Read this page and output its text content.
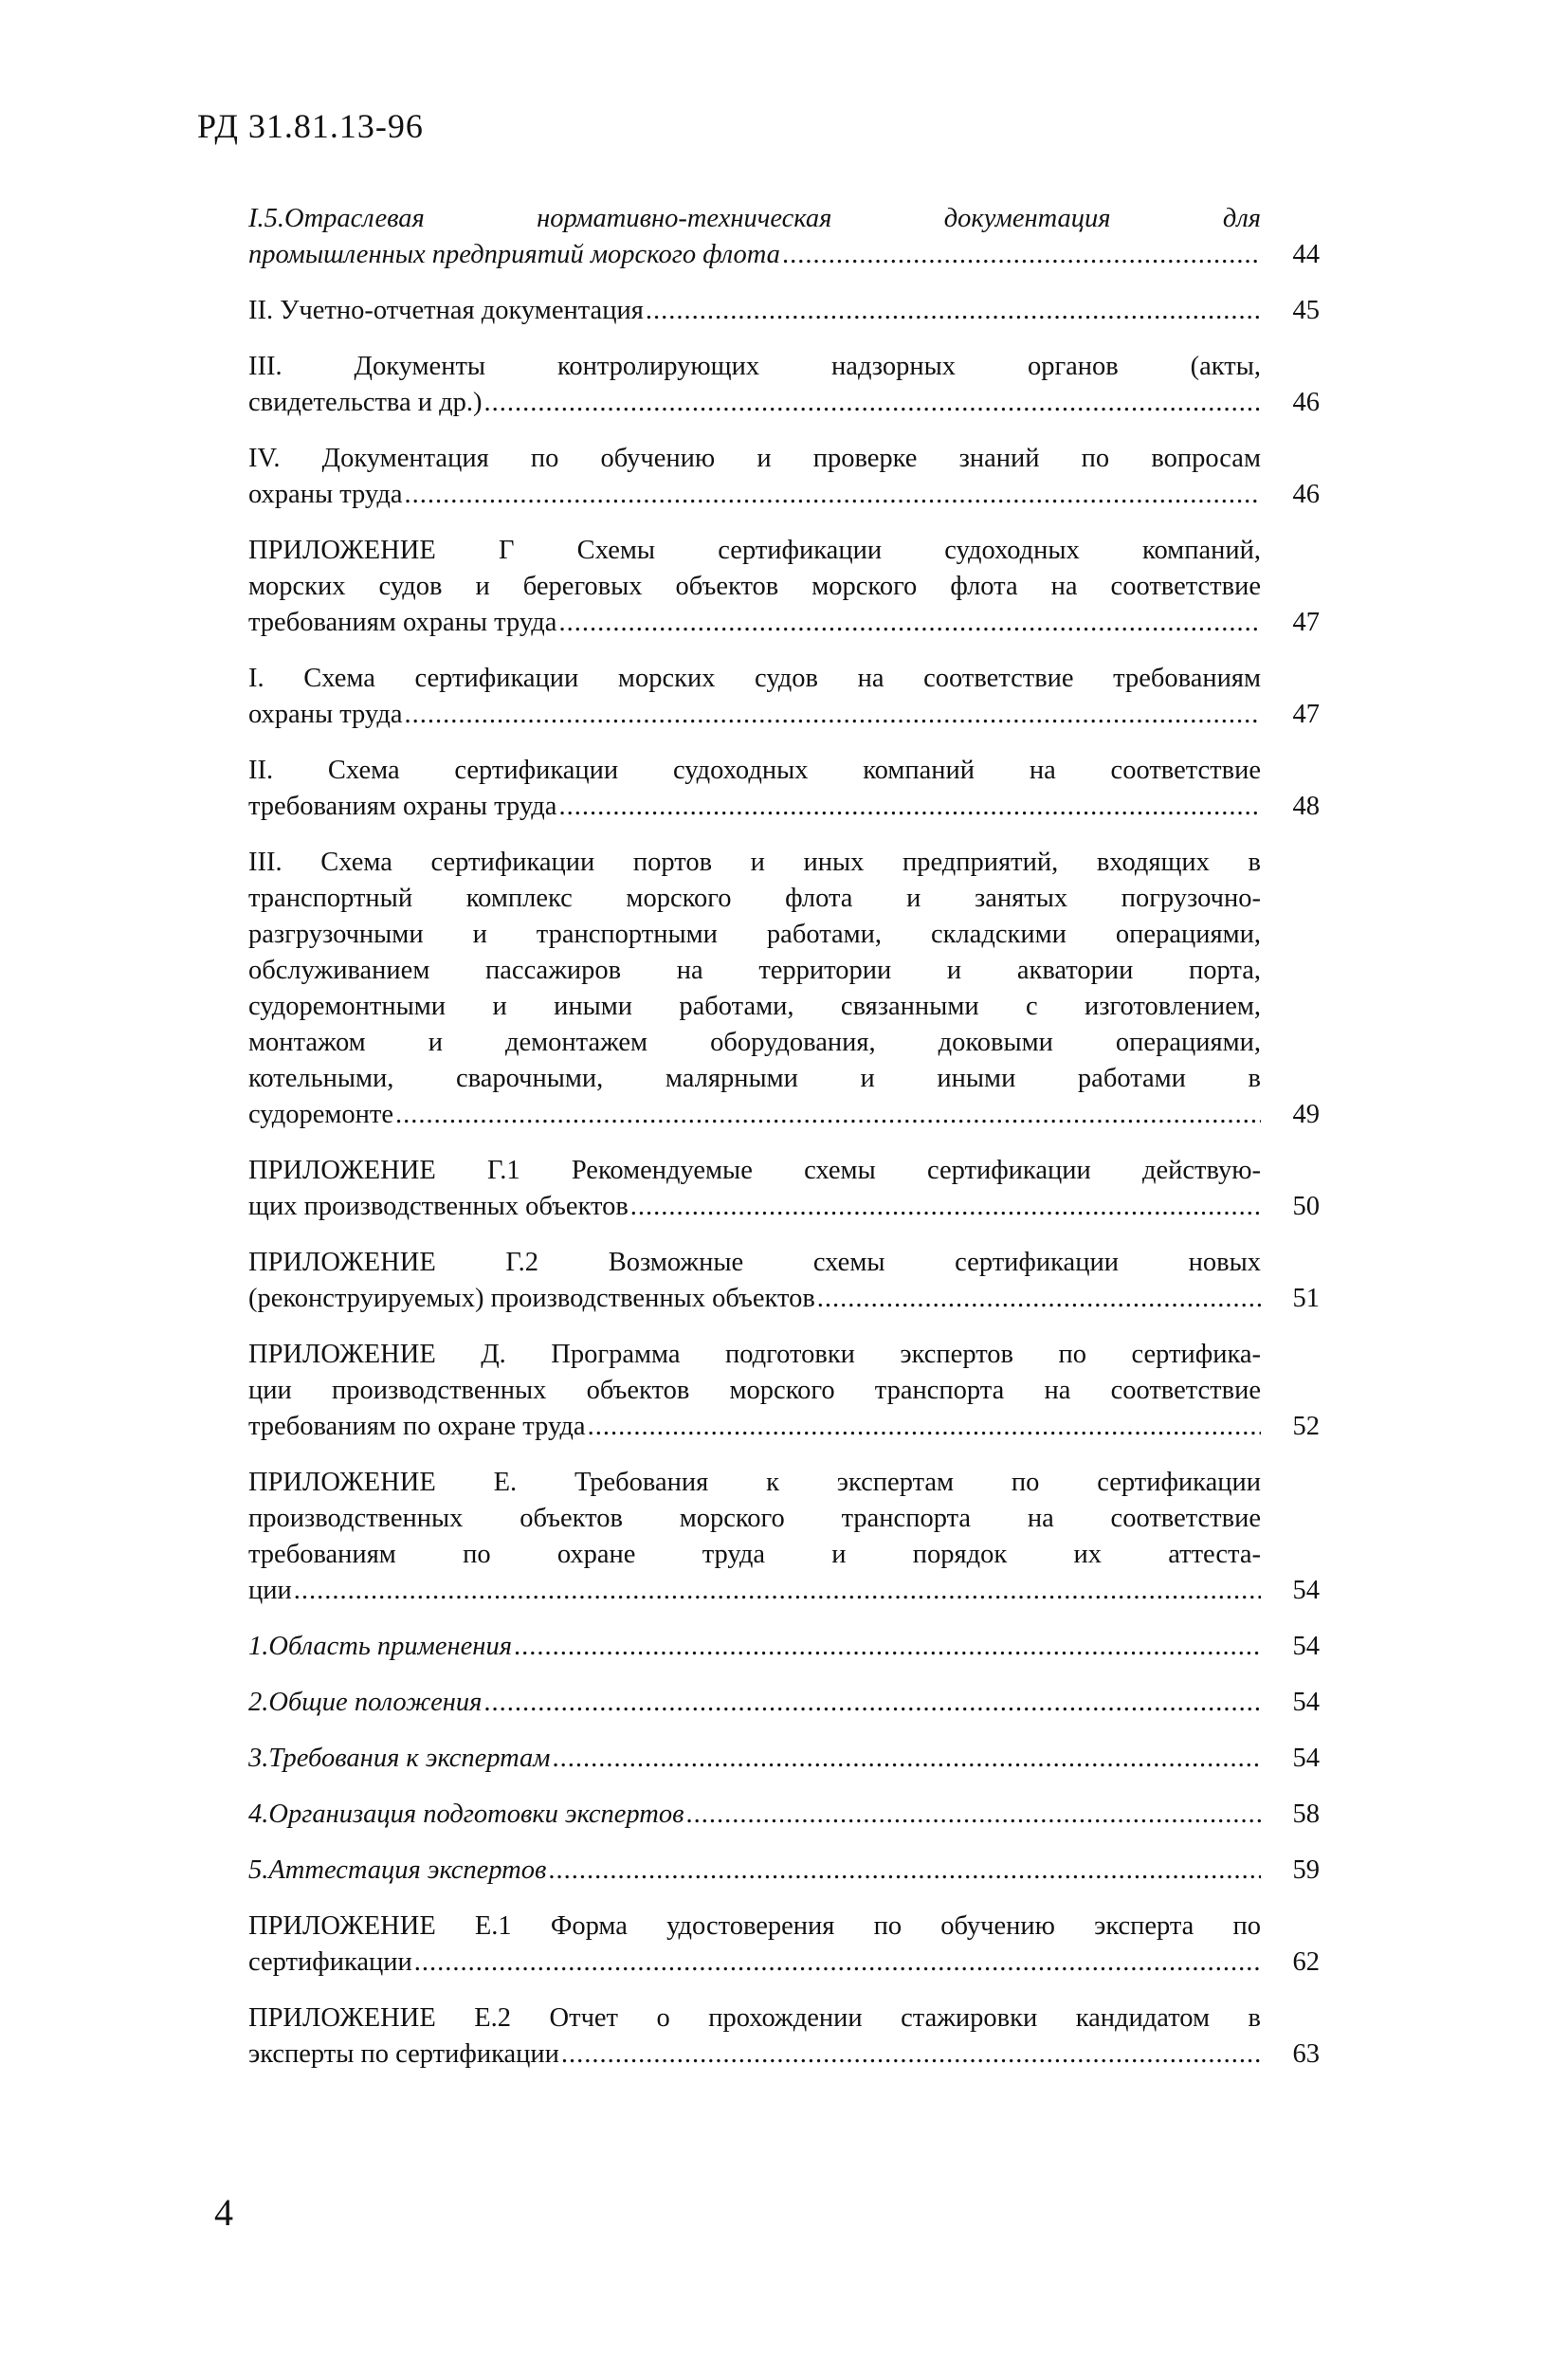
РД 31.81.13-96
I.5.Отраслевая нормативно-техническая документация для
промышленных предприятий морского флота .....	44
II. Учетно-отчетная документация .....	45
III. Документы контролирующих надзорных органов (акты,
свидетельства и др.) .....	46
IV. Документация по обучению и проверке знаний по вопросам
охраны труда .....	46
ПРИЛОЖЕНИЕ Г Схемы сертификации судоходных компаний,
морских судов и береговых объектов морского флота на соответствие
требованиям охраны труда .....	47
I. Схема сертификации морских судов на соответствие требованиям
охраны труда .....	47
II. Схема сертификации судоходных компаний на соответствие
требованиям охраны труда .....	48
III. Схема сертификации портов и иных предприятий, входящих в
транспортный комплекс морского флота и занятых погрузочно-
разгрузочными и транспортными работами, складскими операциями,
обслуживанием пассажиров на территории и акватории порта,
судоремонтными и иными работами, связанными с изготовлением,
монтажом и демонтажем оборудования, доковыми операциями,
котельными, сварочными, малярными и иными работами в
судоремонте .....	49
ПРИЛОЖЕНИЕ Г.1 Рекомендуемые схемы сертификации действую-
щих производственных объектов .....	50
ПРИЛОЖЕНИЕ Г.2 Возможные схемы сертификации новых
(реконструируемых) производственных объектов .....	51
ПРИЛОЖЕНИЕ Д. Программа подготовки экспертов по сертифика-
ции производственных объектов морского транспорта на соответствие
требованиям по охране труда .....	52
ПРИЛОЖЕНИЕ Е. Требования к экспертам по сертификации
производственных объектов морского транспорта на соответствие
требованиям по охране труда и порядок их аттеста-
ции .....	54
1.Область применения .....	54
2.Общие положения .....	54
3.Требования к экспертам .....	54
4.Организация подготовки экспертов .....	58
5.Аттестация экспертов .....	59
ПРИЛОЖЕНИЕ Е.1 Форма удостоверения по обучению эксперта по
сертификации .....	62
ПРИЛОЖЕНИЕ Е.2 Отчет о прохождении стажировки кандидатом в
эксперты по сертификации .....	63
4
